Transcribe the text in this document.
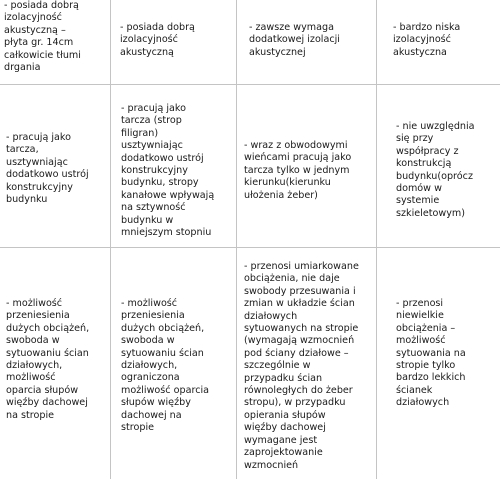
- posiada dobrą
izolacyjność
akustyczną –
płyta gr. 14cm
całkowicie tłumi
drgania
- posiada dobrą
izolacyjność
akustyczną
- zawsze wymaga
dodatkowej izolacji
akustycznej
- bardzo niska
izolacyjność
akustyczna
- pracują jako
tarcza,
usztywniając
dodatkowo ustrój
konstrukcyjny
budynku
- pracują jako
tarcza (strop
filigran)
usztywniając
dodatkowo ustrój
konstrukcyjny
budynku, stropy
kanałowe wpływają
na sztywność
budynku w
mniejszym stopniu
- wraz z obwodowymi
wieńcami pracują jako
tarcza tylko w jednym
kierunku(kierunku
ułożenia żeber)
- nie uwzględnia
się przy
współpracy z
konstrukcją
budynku(oprócz
domów w
systemie
szkieletowym)
- możliwość
przeniesienia
dużych obciążeń,
swoboda w
sytuowaniu ścian
działowych,
możliwość
oparcia słupów
więźby dachowej
na stropie
- możliwość
przeniesienia
dużych obciążeń,
swoboda w
sytuowaniu ścian
działowych,
ograniczona
możliwość oparcia
słupów więźby
dachowej na
stropie
- przenosi umiarkowane
obciążenia, nie daje
swobody przesuwania i
zmian w układzie ścian
działowych
sytuowanych na stropie
(wymagają wzmocnień
pod ściany działowe –
szczególnie w
przypadku ścian
równoległych do żeber
stropu), w przypadku
opierania słupów
więźby dachowej
wymagane jest
zaprojektowanie
wzmocnień
- przenosi
niewielkie
obciążenia –
możliwość
sytuowania na
stropie tylko
bardzo lekkich
ścianek
działowych
